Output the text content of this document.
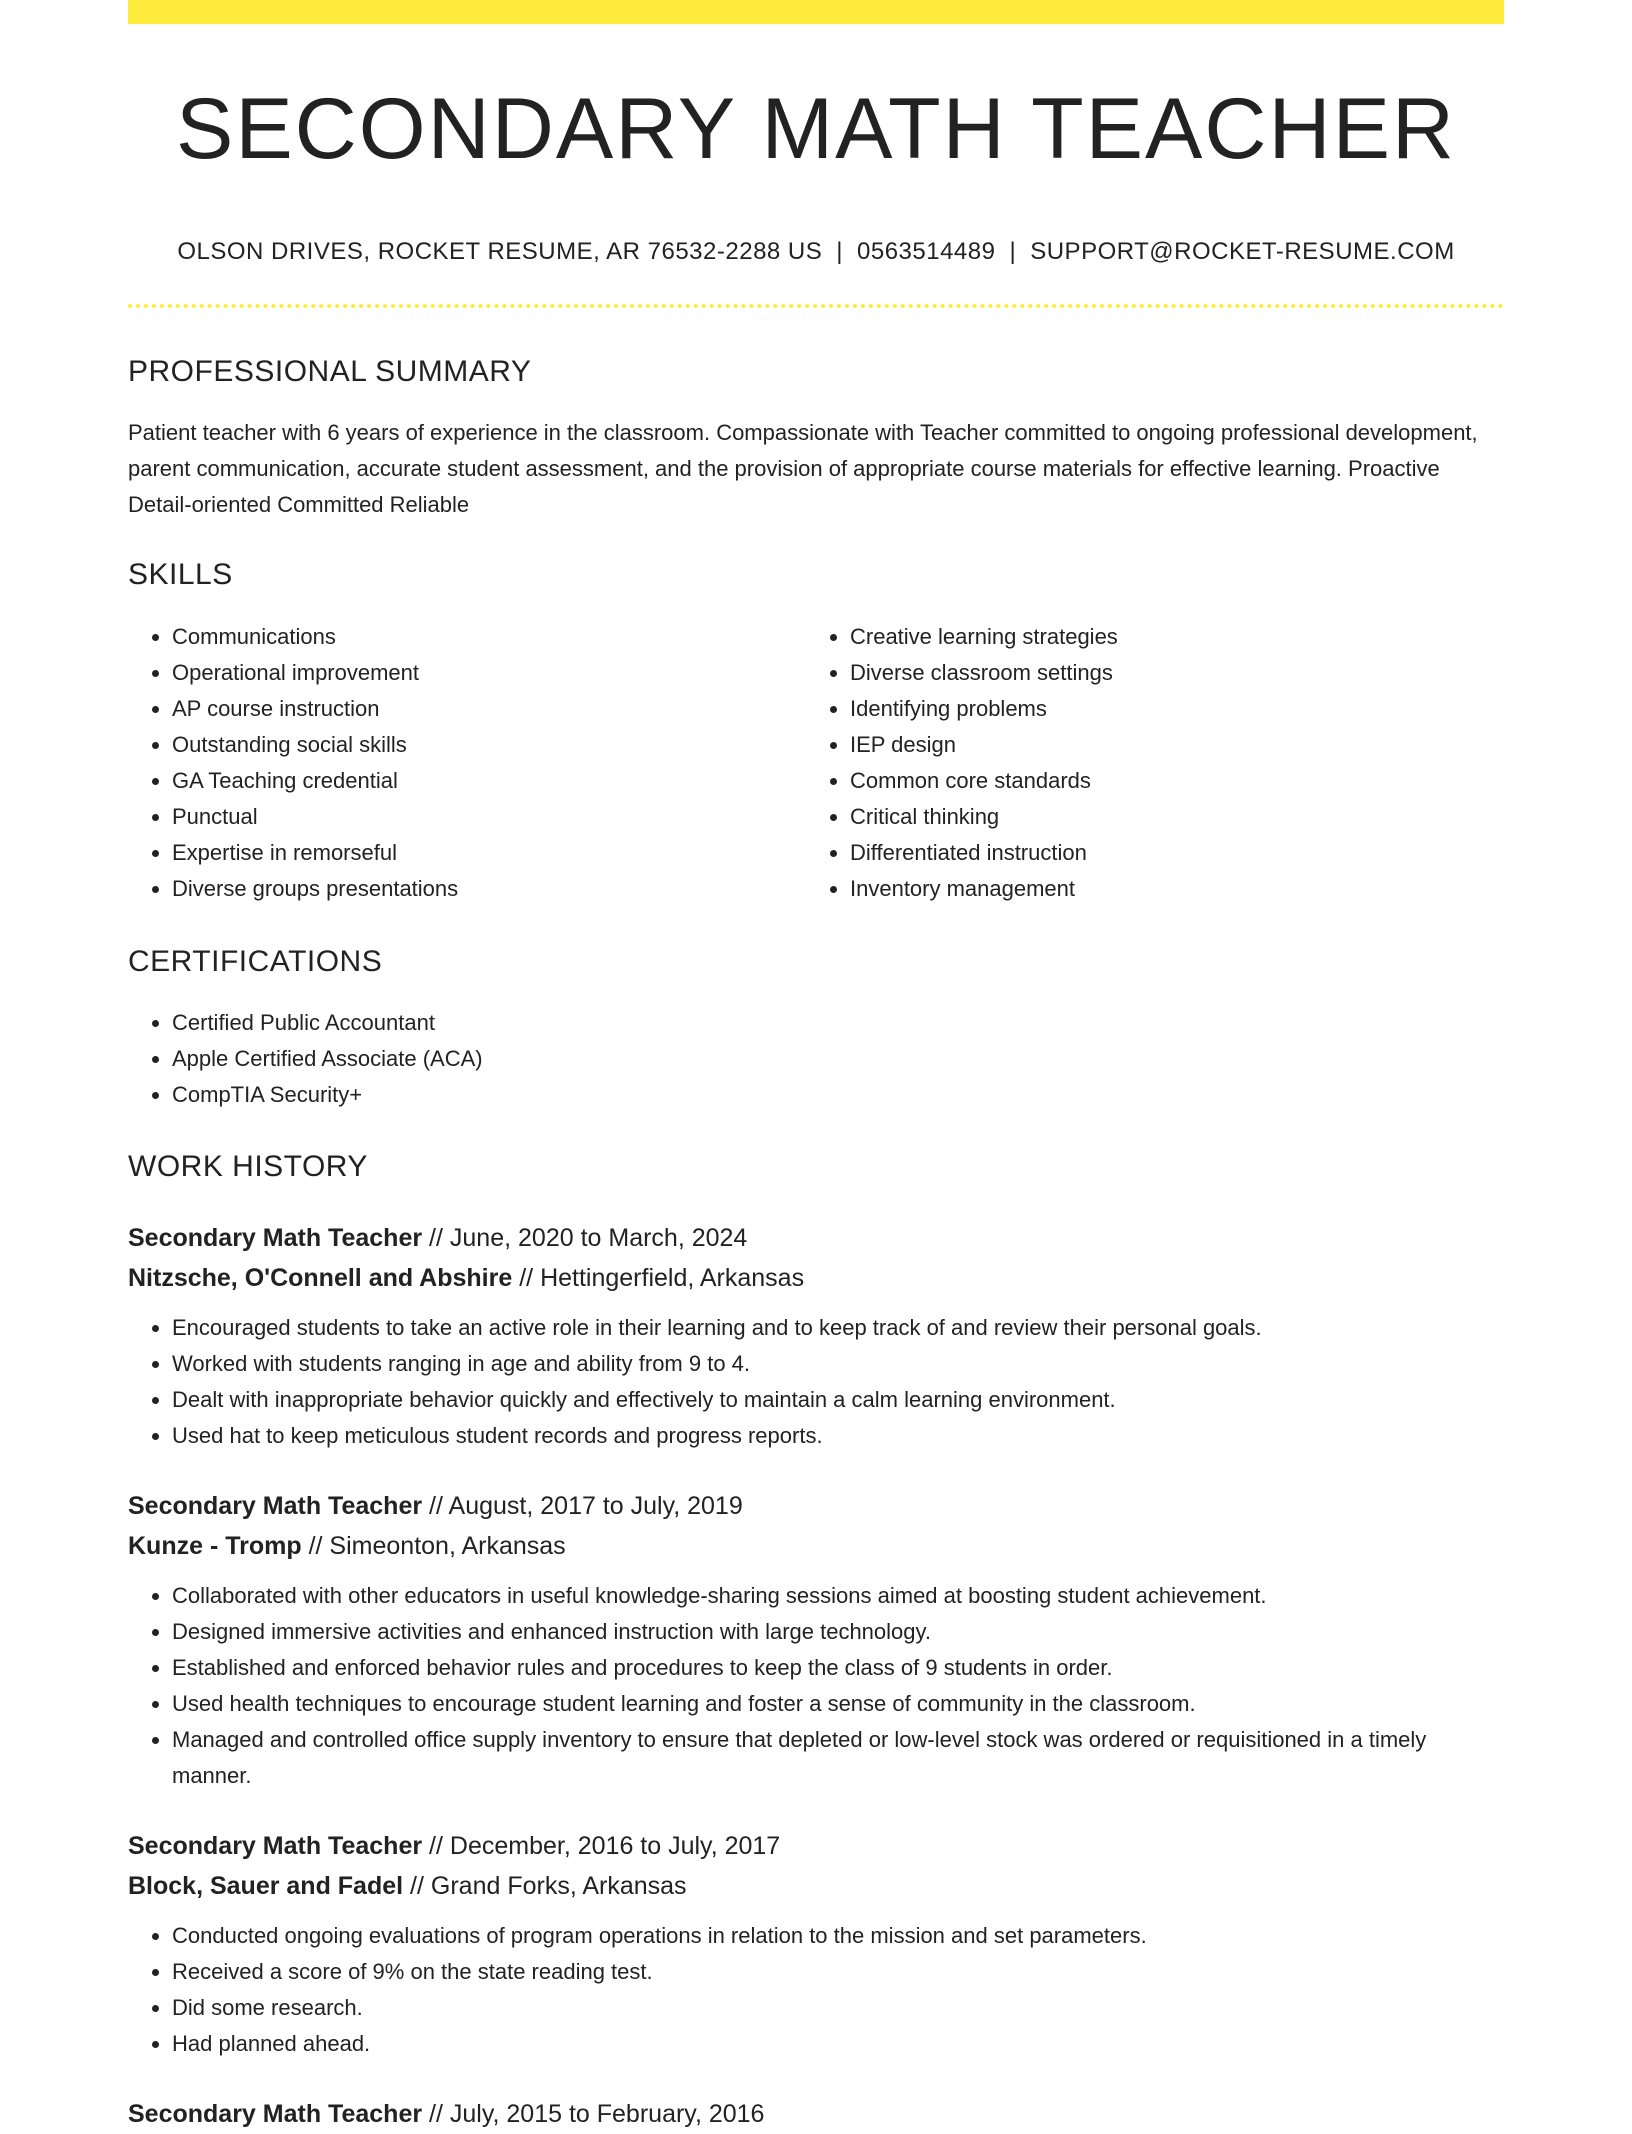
SECONDARY MATH TEACHER
OLSON DRIVES, ROCKET RESUME, AR 76532-2288 US | 0563514489 | SUPPORT@ROCKET-RESUME.COM
PROFESSIONAL SUMMARY
Patient teacher with 6 years of experience in the classroom. Compassionate with Teacher committed to ongoing professional development, parent communication, accurate student assessment, and the provision of appropriate course materials for effective learning. Proactive Detail-oriented Committed Reliable
SKILLS
• Communications
• Operational improvement
• AP course instruction
• Outstanding social skills
• GA Teaching credential
• Punctual
• Expertise in remorseful
• Diverse groups presentations
• Creative learning strategies
• Diverse classroom settings
• Identifying problems
• IEP design
• Common core standards
• Critical thinking
• Differentiated instruction
• Inventory management
CERTIFICATIONS
• Certified Public Accountant
• Apple Certified Associate (ACA)
• CompTIA Security+
WORK HISTORY
Secondary Math Teacher // June, 2020 to March, 2024
Nitzsche, O'Connell and Abshire // Hettingerfield, Arkansas
• Encouraged students to take an active role in their learning and to keep track of and review their personal goals.
• Worked with students ranging in age and ability from 9 to 4.
• Dealt with inappropriate behavior quickly and effectively to maintain a calm learning environment.
• Used hat to keep meticulous student records and progress reports.
Secondary Math Teacher // August, 2017 to July, 2019
Kunze - Tromp // Simeonton, Arkansas
• Collaborated with other educators in useful knowledge-sharing sessions aimed at boosting student achievement.
• Designed immersive activities and enhanced instruction with large technology.
• Established and enforced behavior rules and procedures to keep the class of 9 students in order.
• Used health techniques to encourage student learning and foster a sense of community in the classroom.
• Managed and controlled office supply inventory to ensure that depleted or low-level stock was ordered or requisitioned in a timely manner.
Secondary Math Teacher // December, 2016 to July, 2017
Block, Sauer and Fadel // Grand Forks, Arkansas
• Conducted ongoing evaluations of program operations in relation to the mission and set parameters.
• Received a score of 9% on the state reading test.
• Did some research.
• Had planned ahead.
Secondary Math Teacher // July, 2015 to February, 2016
